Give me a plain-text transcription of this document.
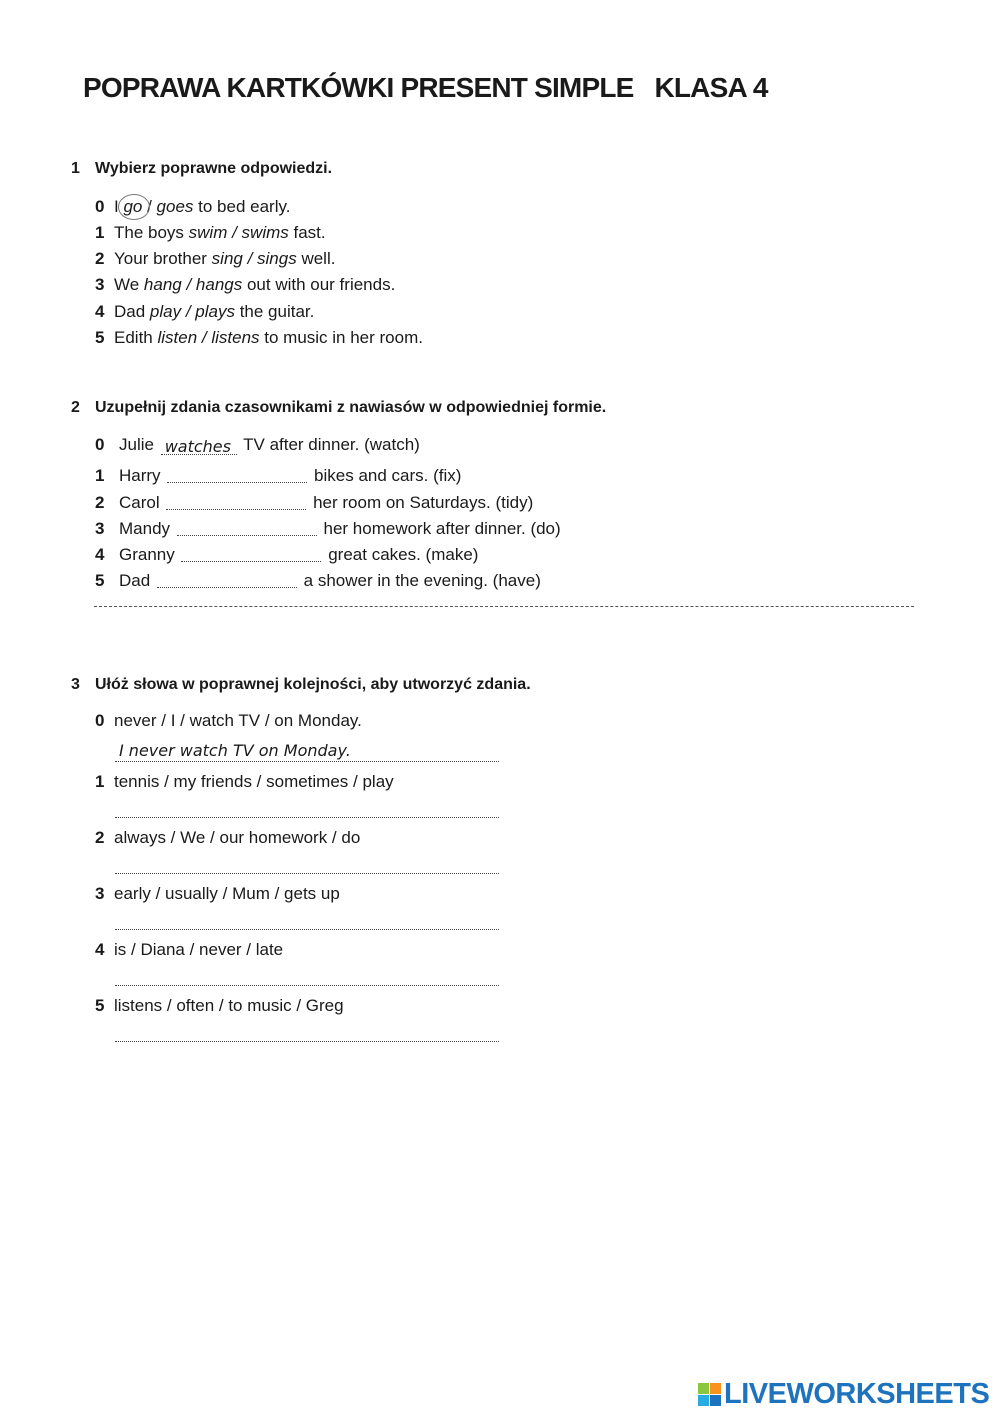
POPRAWA KARTKÓWKI PRESENT SIMPLE   KLASA 4
1 Wybierz poprawne odpowiedzi.
0 I go / goes to bed early.
1 The boys swim / swims fast.
2 Your brother sing / sings well.
3 We hang / hangs out with our friends.
4 Dad play / plays the guitar.
5 Edith listen / listens to music in her room.
2 Uzupełnij zdania czasownikami z nawiasów w odpowiedniej formie.
0 Julie watches TV after dinner. (watch)
1 Harry	bikes and cars. (fix)
2 Carol	her room on Saturdays. (tidy)
3 Mandy	her homework after dinner. (do)
4 Granny	great cakes. (make)
5 Dad	a shower in the evening. (have)
3 Ułóż słowa w poprawnej kolejności, aby utworzyć zdania.
0 never / I / watch TV / on Monday.
I never watch TV on Monday.
1 tennis / my friends / sometimes / play
2 always / We / our homework / do
3 early / usually / Mum / gets up
4 is / Diana / never / late
5 listens / often / to music / Greg
LIVEWORKSHEETS
